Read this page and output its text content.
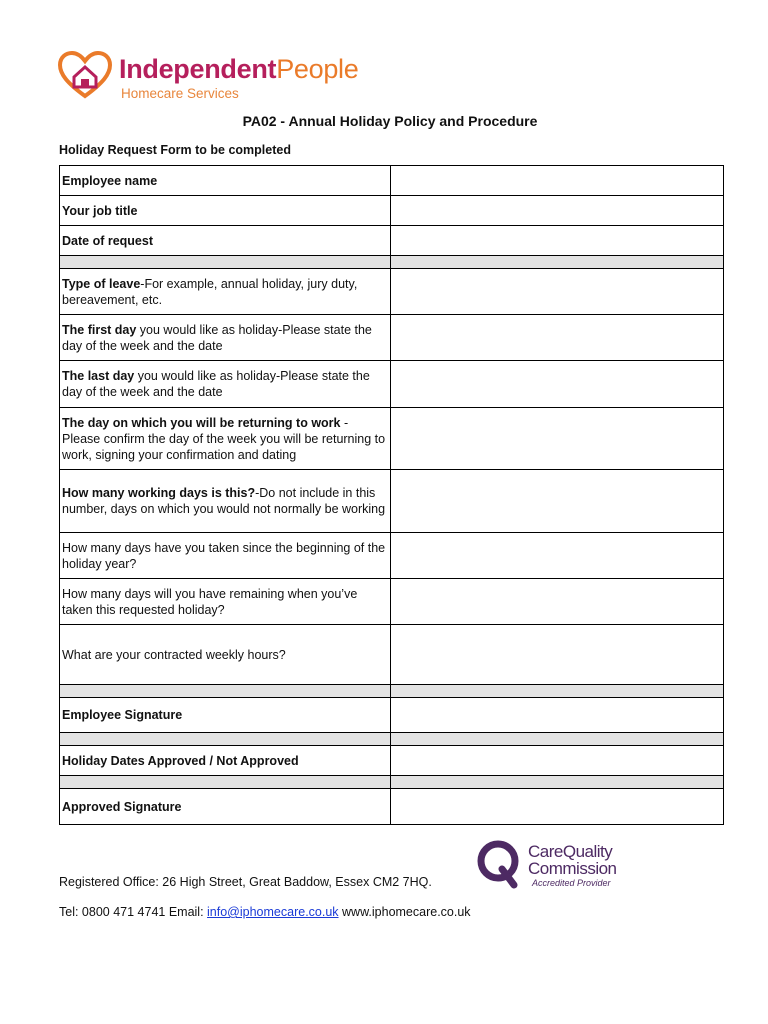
IndependentPeople
Homecare Services
PA02 - Annual Holiday Policy and Procedure
Holiday Request Form to be completed
Employee name	
Your job title	
Date of request	

Type of leave-For example, annual holiday, jury duty, bereavement, etc.	
The first day you would like as holiday-Please state the day of the week and the date	
The last day you would like as holiday-Please state the day of the week and the date	
The day on which you will be returning to work - Please confirm the day of the week you will be returning to work, signing your confirmation and dating	
How many working days is this?-Do not include in this number, days on which you would not normally be working	
How many days have you taken since the beginning of the holiday year?	
How many days will you have remaining when you’ve taken this requested holiday?	
What are your contracted weekly hours?	

Employee Signature	

Holiday Dates Approved / Not Approved	

Approved Signature	
CareQuality
Commission
Accredited Provider
Registered Office: 26 High Street, Great Baddow, Essex CM2 7HQ.
Tel: 0800 471 4741 Email: info@iphomecare.co.uk www.iphomecare.co.uk
